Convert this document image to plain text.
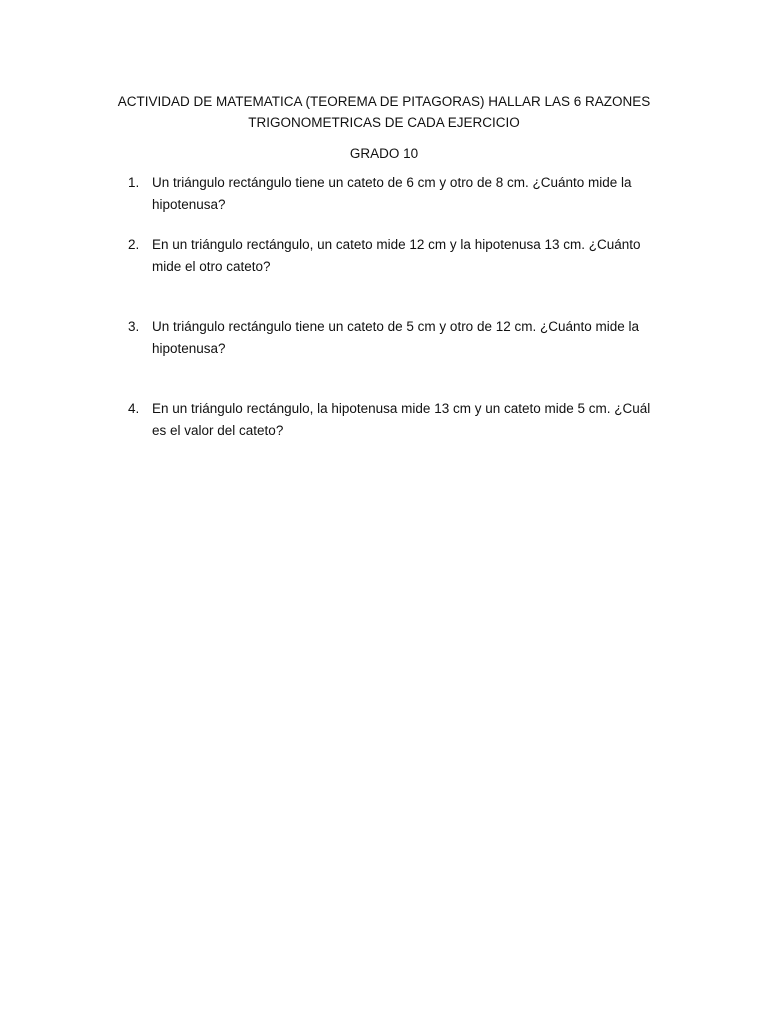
ACTIVIDAD DE MATEMATICA (TEOREMA DE PITAGORAS) HALLAR LAS 6 RAZONES
TRIGONOMETRICAS DE CADA EJERCICIO

GRADO 10

1. Un triángulo rectángulo tiene un cateto de 6 cm y otro de 8 cm. ¿Cuánto mide la hipotenusa?

2. En un triángulo rectángulo, un cateto mide 12 cm y la hipotenusa 13 cm. ¿Cuánto mide el otro cateto?

3. Un triángulo rectángulo tiene un cateto de 5 cm y otro de 12 cm. ¿Cuánto mide la hipotenusa?

4. En un triángulo rectángulo, la hipotenusa mide 13 cm y un cateto mide 5 cm. ¿Cuál es el valor del cateto?
